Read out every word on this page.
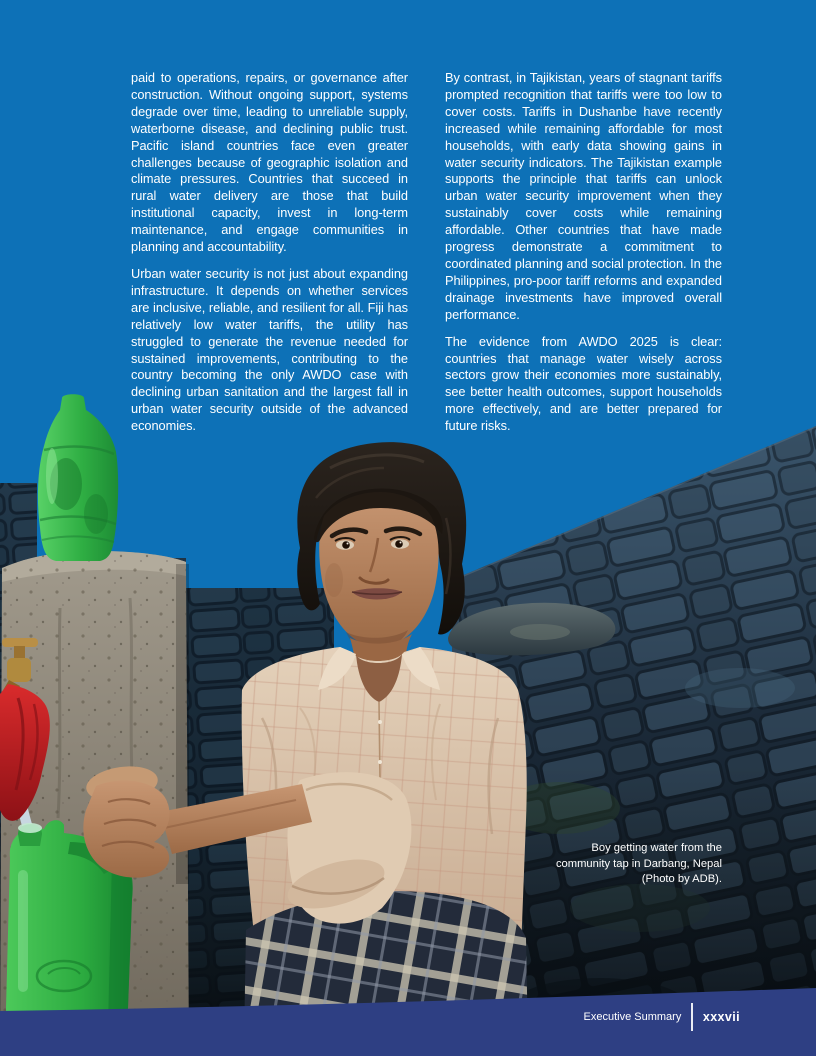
paid to operations, repairs, or governance after construction. Without ongoing support, systems degrade over time, leading to unreliable supply, waterborne disease, and declining public trust. Pacific island countries face even greater challenges because of geographic isolation and climate pressures. Countries that succeed in rural water delivery are those that build institutional capacity, invest in long-term maintenance, and engage communities in planning and accountability.

Urban water security is not just about expanding infrastructure. It depends on whether services are inclusive, reliable, and resilient for all. Fiji has relatively low water tariffs, the utility has struggled to generate the revenue needed for sustained improvements, contributing to the country becoming the only AWDO case with declining urban sanitation and the largest fall in urban water security outside of the advanced economies.

By contrast, in Tajikistan, years of stagnant tariffs prompted recognition that tariffs were too low to cover costs. Tariffs in Dushanbe have recently increased while remaining affordable for most households, with early data showing gains in water security indicators. The Tajikistan example supports the principle that tariffs can unlock urban water security improvement when they sustainably cover costs while remaining affordable. Other countries that have made progress demonstrate a commitment to coordinated planning and social protection. In the Philippines, pro-poor tariff reforms and expanded drainage investments have improved overall performance.

The evidence from AWDO 2025 is clear: countries that manage water wisely across sectors grow their economies more sustainably, see better health outcomes, support households more effectively, and are better prepared for future risks.

Boy getting water from the
community tap in Darbang, Nepal
(Photo by ADB).
Executive Summary xxxvii
